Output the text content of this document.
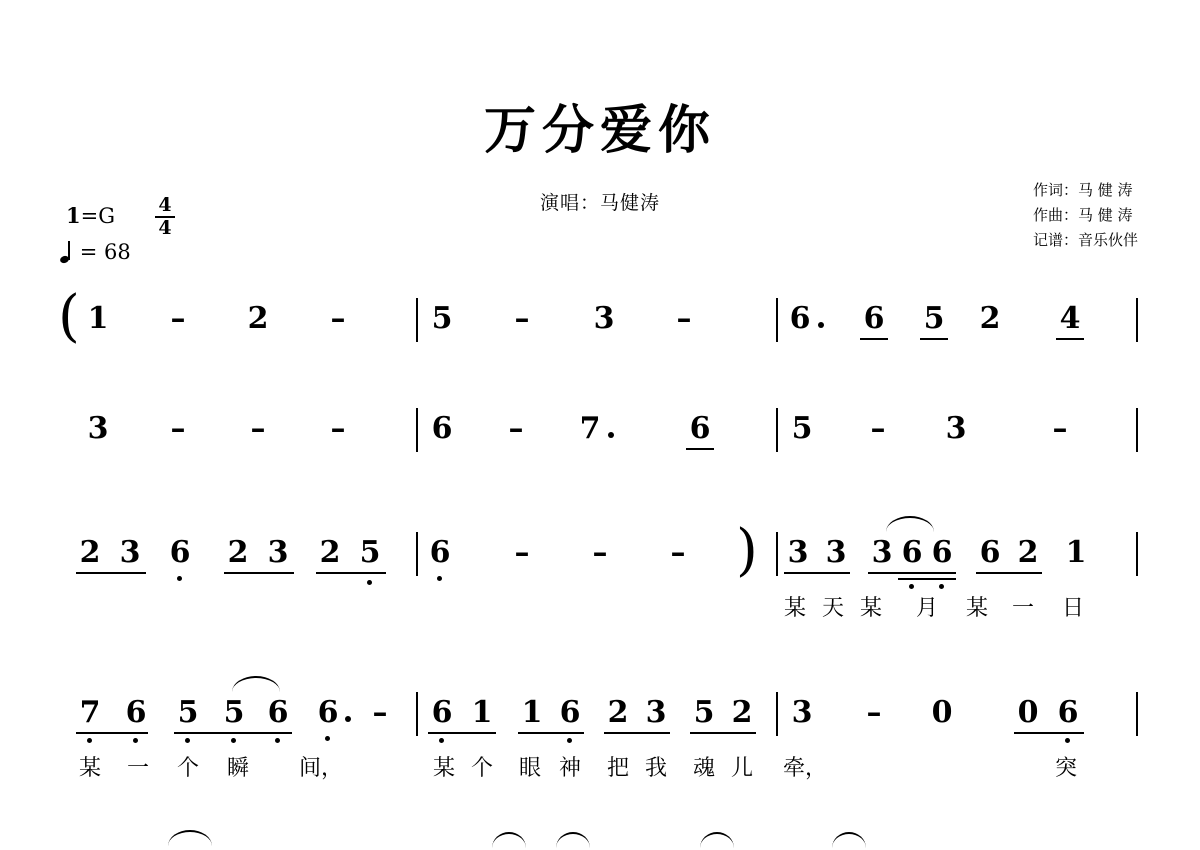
万分爱你
演唱：马健涛
作词：马 健 涛
作曲：马 健 涛
记谱：音乐伙伴
1=G	4
4
= 68
( 1 – 2 –	5 – 3 –	6 6 5 2 4
3 – – –	6 – 7	6	5 – 3	–
2 3 6 2 3 2 5 6 – – – ) 3 3 3 6 6 6 2 1
某 天 某 月 某 一 日
7 6 5 5 6 6 – 6 1 1 6 2 3 5 2 3 – 0 0 6
某 一 个 瞬 间，	某 个 眼 神 把 我 魂 儿 牵，	突
